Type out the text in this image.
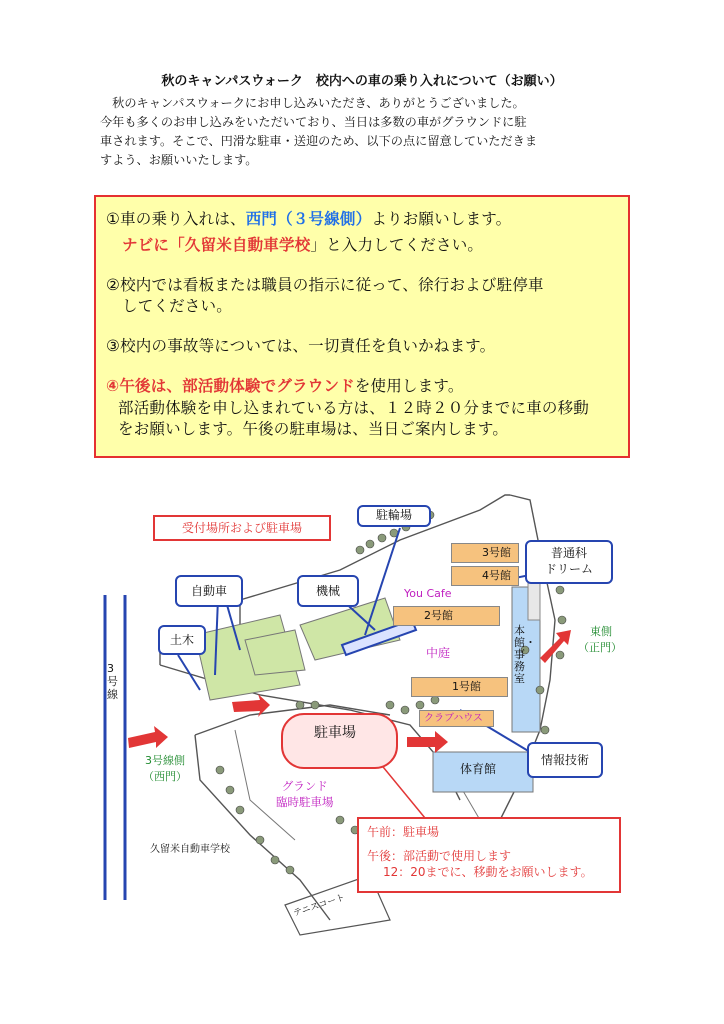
秋のキャンパスウォーク　校内への車の乗り入れについて（お願い）

　秋のキャンパスウォークにお申し込みいただき、ありがとうございました。

今年も多くのお申し込みをいただいており、当日は多数の車がグラウンドに駐

車されます。そこで、円滑な駐車・送迎のため、以下の点に留意していただきま

すよう、お願いいたします。

①車の乗り入れは、西門（３号線側）よりお願いします。
ナビに「久留米自動車学校」と入力してください。
②校内では看板または職員の指示に従って、徐行および駐停車
してください。
③校内の事故等については、一切責任を負いかねます。
④午後は、部活動体験でグラウンドを使用します。
部活動体験を申し込まれている方は、１２時２０分までに車の移動
をお願いします。午後の駐車場は、当日ご案内します。
受付場所および駐車場
駐輪場
自動車	機械
土木
普通科
ドリーム
情報技術
3号館
4号館
2号館
1号館
クラブハウス
You Cafe
中庭
本館・事務室
体育館
東側
（正門）
3号線
3号線側
（西門）
駐車場
グランド
臨時駐車場
久留米自動車学校
テニスコート
午前：駐車場
午後：部活動で使用します
12：20までに、移動をお願いします。
